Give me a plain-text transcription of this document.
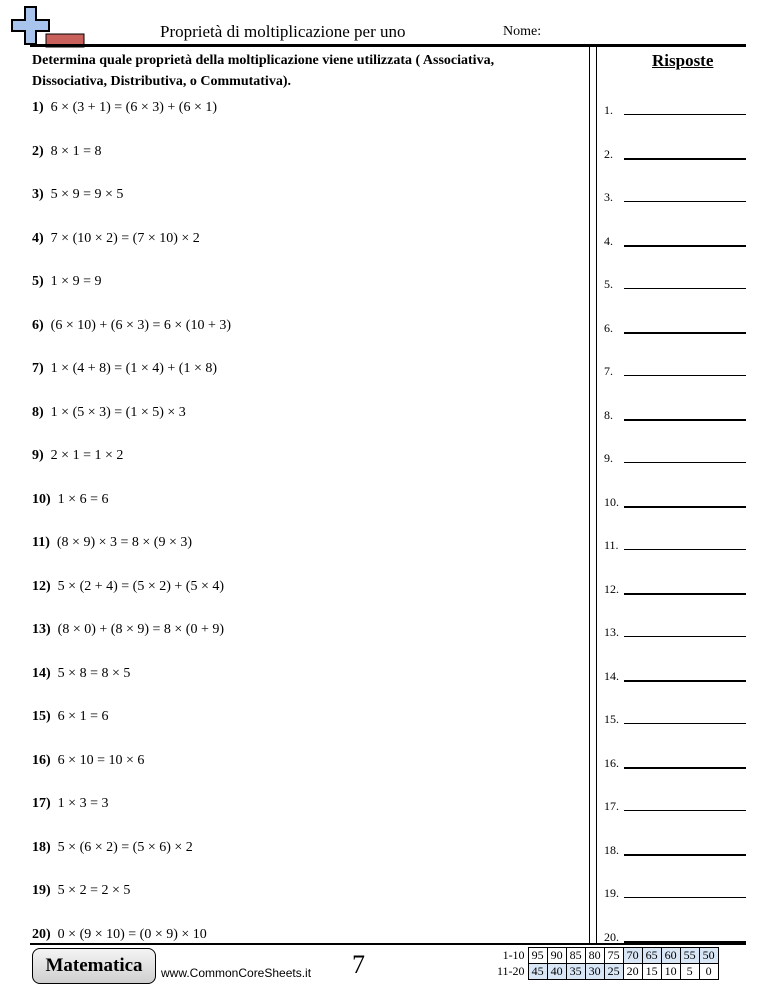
Proprietà di moltiplicazione per uno	Nome:
Determina quale proprietà della moltiplicazione viene utilizzata ( Associativa, Dissociativa, Distributiva, o Commutativa).
Risposte
1) 6 × (3 + 1) = (6 × 3) + (6 × 1)
2) 8 × 1 = 8
3) 5 × 9 = 9 × 5
4) 7 × (10 × 2) = (7 × 10) × 2
5) 1 × 9 = 9
6) (6 × 10) + (6 × 3) = 6 × (10 + 3)
7) 1 × (4 + 8) = (1 × 4) + (1 × 8)
8) 1 × (5 × 3) = (1 × 5) × 3
9) 2 × 1 = 1 × 2
10) 1 × 6 = 6
11) (8 × 9) × 3 = 8 × (9 × 3)
12) 5 × (2 + 4) = (5 × 2) + (5 × 4)
13) (8 × 0) + (8 × 9) = 8 × (0 + 9)
14) 5 × 8 = 8 × 5
15) 6 × 1 = 6
16) 6 × 10 = 10 × 6
17) 1 × 3 = 3
18) 5 × (6 × 2) = (5 × 6) × 2
19) 5 × 2 = 2 × 5
20) 0 × (9 × 10) = (0 × 9) × 10
1.
2.
3.
4.
5.
6.
7.
8.
9.
10.
11.
12.
13.
14.
15.
16.
17.
18.
19.
20.
Matematica	www.CommonCoreSheets.it 7	1-10	95	90	85	80	75	70	65	60	55	50
11-20	45	40	35	30	25	20	15	10	5	0
